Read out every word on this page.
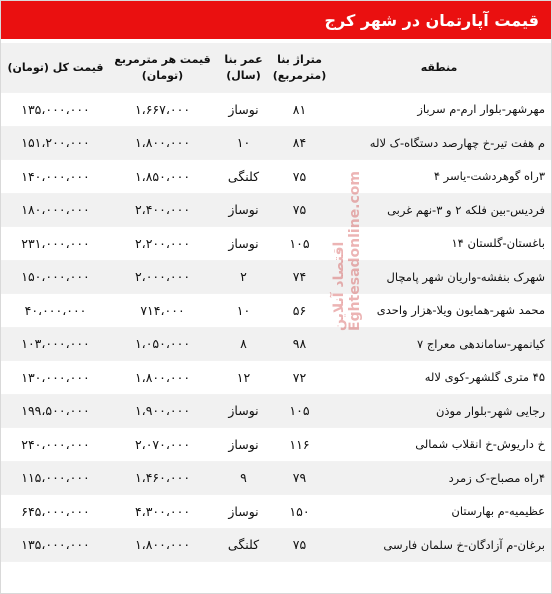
قیمت آپارتمان در شهر کرج
منطقه
متراژ بنا
(مترمربع)
عمر بنا
(سال)
قیمت هر مترمربع
(تومان)
قیمت کل (تومان)
مهرشهر-بلوار ارم-م سرباز
۸۱
نوساز
۱،۶۶۷،۰۰۰
۱۳۵،۰۰۰،۰۰۰
م هفت تیر-خ چهارصد دستگاه-ک لاله
۸۴
۱۰
۱،۸۰۰،۰۰۰
۱۵۱،۲۰۰،۰۰۰
۳راه گوهردشت-یاسر ۴
۷۵
کلنگی
۱،۸۵۰،۰۰۰
۱۴۰،۰۰۰،۰۰۰
فردیس-بین فلکه ۲ و ۳-نهم غربی
۷۵
نوساز
۲،۴۰۰،۰۰۰
۱۸۰،۰۰۰،۰۰۰
باغستان-گلستان ۱۴
۱۰۵
نوساز
۲،۲۰۰،۰۰۰
۲۳۱،۰۰۰،۰۰۰
شهرک بنفشه-واریان شهر پامچال
۷۴
۲
۲،۰۰۰،۰۰۰
۱۵۰،۰۰۰،۰۰۰
محمد شهر-همایون ویلا-هزار واحدی
۵۶
۱۰
۷۱۴،۰۰۰
۴۰،۰۰۰،۰۰۰
کیانمهر-ساماندهی معراج ۷
۹۸
۸
۱،۰۵۰،۰۰۰
۱۰۳،۰۰۰،۰۰۰
۴۵ متری گلشهر-کوی لاله
۷۲
۱۲
۱،۸۰۰،۰۰۰
۱۳۰،۰۰۰،۰۰۰
رجایی شهر-بلوار موذن
۱۰۵
نوساز
۱،۹۰۰،۰۰۰
۱۹۹،۵۰۰،۰۰۰
خ داریوش-خ انقلاب شمالی
۱۱۶
نوساز
۲،۰۷۰،۰۰۰
۲۴۰،۰۰۰،۰۰۰
۴راه مصباح-ک زمرد
۷۹
۹
۱،۴۶۰،۰۰۰
۱۱۵،۰۰۰،۰۰۰
عظیمیه-م بهارستان
۱۵۰
نوساز
۴،۳۰۰،۰۰۰
۶۴۵،۰۰۰،۰۰۰
برغان-م آزادگان-خ سلمان فارسی
۷۵
کلنگی
۱،۸۰۰،۰۰۰
۱۳۵،۰۰۰،۰۰۰
اقتصاد آنلاین Eghtesadonline.com
